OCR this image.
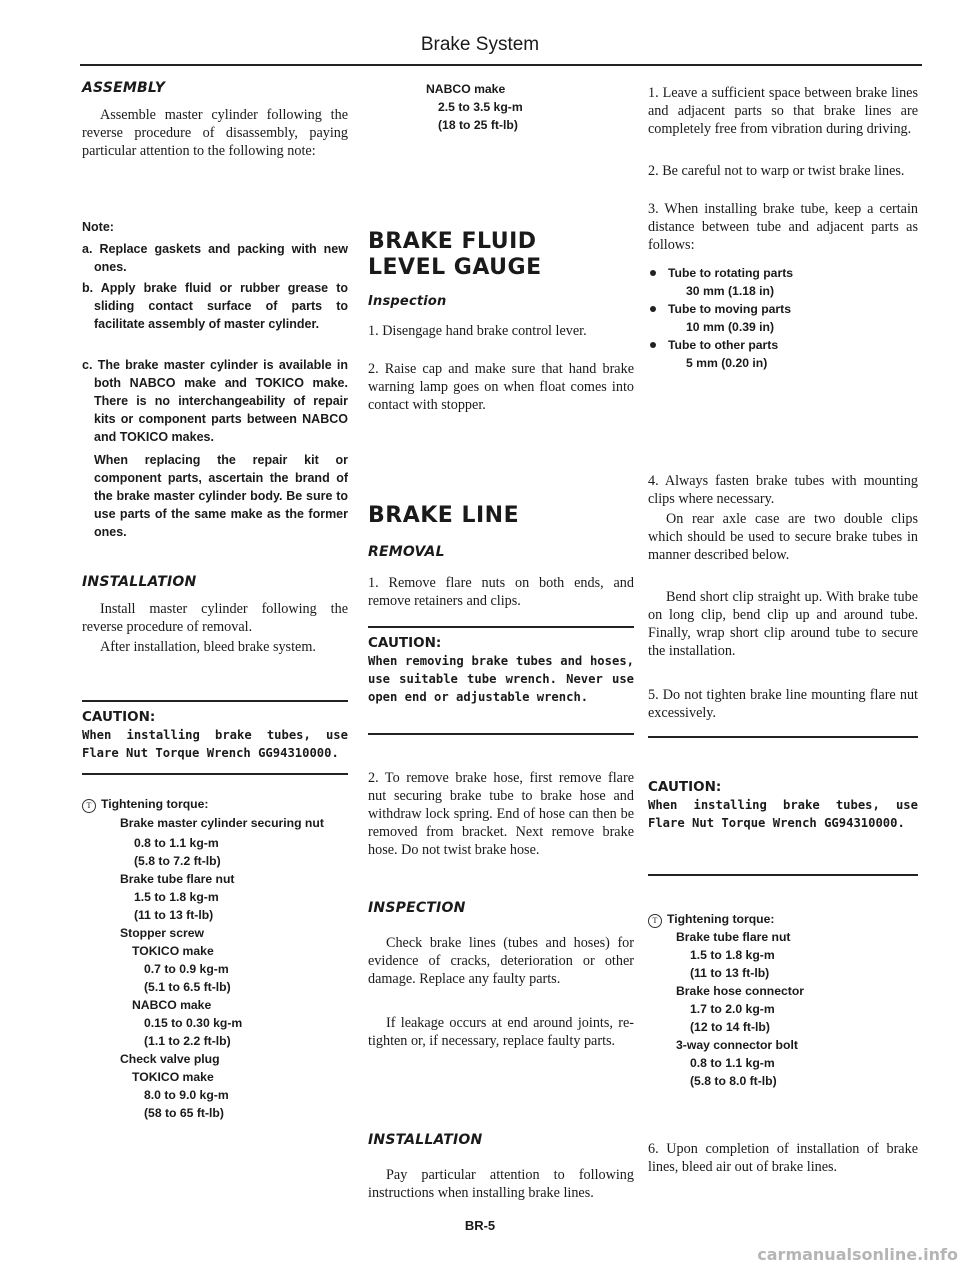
Brake System
ASSEMBLY

Assemble master cylinder following the reverse procedure of disassembly, paying particular attention to the following note:

Note:
a. Replace gaskets and packing with new ones.
b. Apply brake fluid or rubber grease to sliding contact surface of parts to facilitate assembly of master cylinder.
c. The brake master cylinder is available in both NABCO make and TOKICO make. There is no interchangeability of repair kits or component parts between NABCO and TOKICO makes.
When replacing the repair kit or component parts, ascertain the brand of the brake master cylinder body. Be sure to use parts of the same make as the former ones.
INSTALLATION

Install master cylinder following the reverse procedure of removal.

After installation, bleed brake system.

CAUTION:
When installing brake tubes, use Flare Nut Torque Wrench GG94310000.
T Tightening torque:
Brake master cylinder securing nut
0.8 to 1.1 kg-m
(5.8 to 7.2 ft-lb)
Brake tube flare nut
1.5 to 1.8 kg-m
(11 to 13 ft-lb)
Stopper screw
TOKICO make
0.7 to 0.9 kg-m
(5.1 to 6.5 ft-lb)
NABCO make
0.15 to 0.30 kg-m
(1.1 to 2.2 ft-lb)
Check valve plug
TOKICO make
8.0 to 9.0 kg-m
(58 to 65 ft-lb)
NABCO make
2.5 to 3.5 kg-m
(18 to 25 ft-lb)
BRAKE FLUID
LEVEL GAUGE
Inspection

1. Disengage hand brake control lever.

2. Raise cap and make sure that hand brake warning lamp goes on when float comes into contact with stopper.

BRAKE LINE
REMOVAL

1. Remove flare nuts on both ends, and remove retainers and clips.

CAUTION:
When removing brake tubes and hoses, use suitable tube wrench. Never use open end or adjustable wrench.

2. To remove brake hose, first remove flare nut securing brake tube to brake hose and withdraw lock spring. End of hose can then be removed from bracket. Next remove brake hose. Do not twist brake hose.

INSPECTION

Check brake lines (tubes and hoses) for evidence of cracks, deterioration or other damage. Replace any faulty parts.

If leakage occurs at end around joints, re-tighten or, if necessary, replace faulty parts.

INSTALLATION

Pay particular attention to following instructions when installing brake lines.

1. Leave a sufficient space between brake lines and adjacent parts so that brake lines are completely free from vibration during driving.

2. Be careful not to warp or twist brake lines.

3. When installing brake tube, keep a certain distance between tube and adjacent parts as follows:

Tube to rotating parts
30 mm (1.18 in)
Tube to moving parts
10 mm (0.39 in)
Tube to other parts
5 mm (0.20 in)

4. Always fasten brake tubes with mounting clips where necessary.

On rear axle case are two double clips which should be used to secure brake tubes in manner described below.

Bend short clip straight up. With brake tube on long clip, bend clip up and around tube. Finally, wrap short clip around tube to secure the installation.

5. Do not tighten brake line mounting flare nut excessively.

CAUTION:
When installing brake tubes, use Flare Nut Torque Wrench GG94310000.
T Tightening torque:
Brake tube flare nut
1.5 to 1.8 kg-m
(11 to 13 ft-lb)
Brake hose connector
1.7 to 2.0 kg-m
(12 to 14 ft-lb)
3-way connector bolt
0.8 to 1.1 kg-m
(5.8 to 8.0 ft-lb)

6. Upon completion of installation of brake lines, bleed air out of brake lines.

BR-5
carmanualsonline.info
